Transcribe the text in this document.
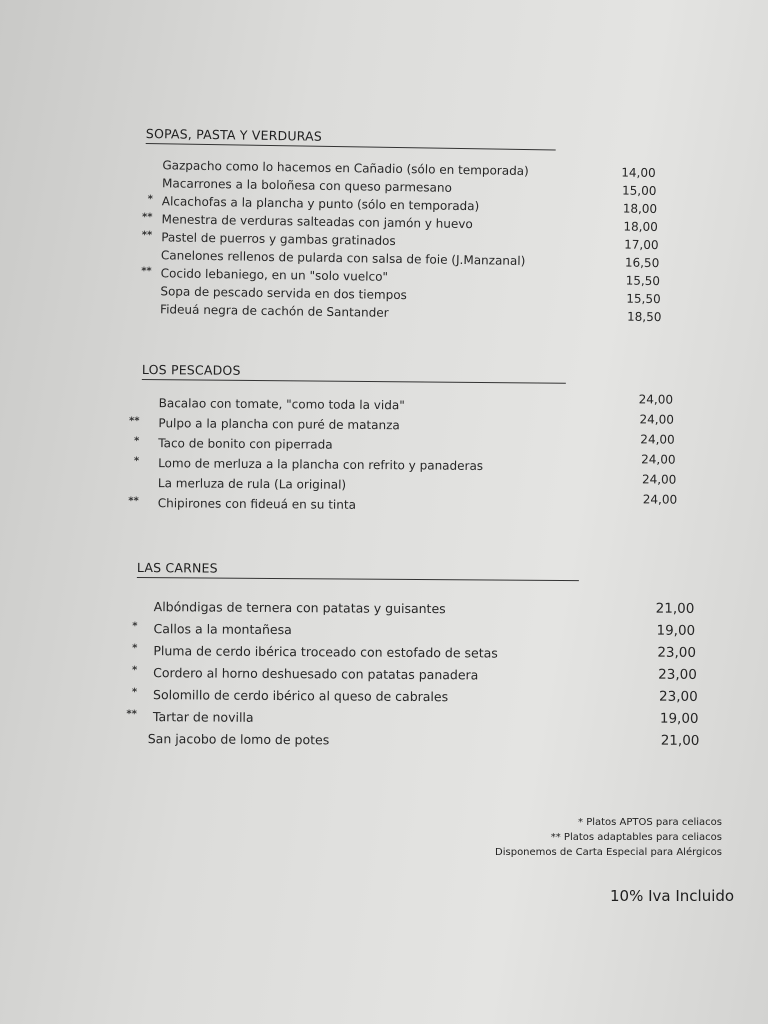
SOPAS, PASTA Y VERDURAS
Gazpacho como lo hacemos en Cañadio (sólo en temporada)	14,00
Macarrones a la boloñesa con queso parmesano	15,00
* Alcachofas a la plancha y punto (sólo en temporada)	18,00
** Menestra de verduras salteadas con jamón y huevo	18,00
** Pastel de puerros y gambas gratinados	17,00
Canelones rellenos de pularda con salsa de foie (J.Manzanal)	16,50
** Cocido lebaniego, en un "solo vuelco"	15,50
Sopa de pescado servida en dos tiempos	15,50
Fideuá negra de cachón de Santander	18,50
LOS PESCADOS
Bacalao con tomate, "como toda la vida"	24,00
** Pulpo a la plancha con puré de matanza	24,00
* Taco de bonito con piperrada	24,00
* Lomo de merluza a la plancha con refrito y panaderas	24,00
La merluza de rula (La original)	24,00
** Chipirones con fideuá en su tinta	24,00
LAS CARNES
Albóndigas de ternera con patatas y guisantes	21,00
* Callos a la montañesa	19,00
* Pluma de cerdo ibérica troceado con estofado de setas	23,00
* Cordero al horno deshuesado con patatas panadera	23,00
* Solomillo de cerdo ibérico al queso de cabrales	23,00
** Tartar de novilla	19,00
San jacobo de lomo de potes	21,00
* Platos APTOS para celiacos
** Platos adaptables para celiacos
Disponemos de Carta Especial para Alérgicos
10% Iva Incluido
